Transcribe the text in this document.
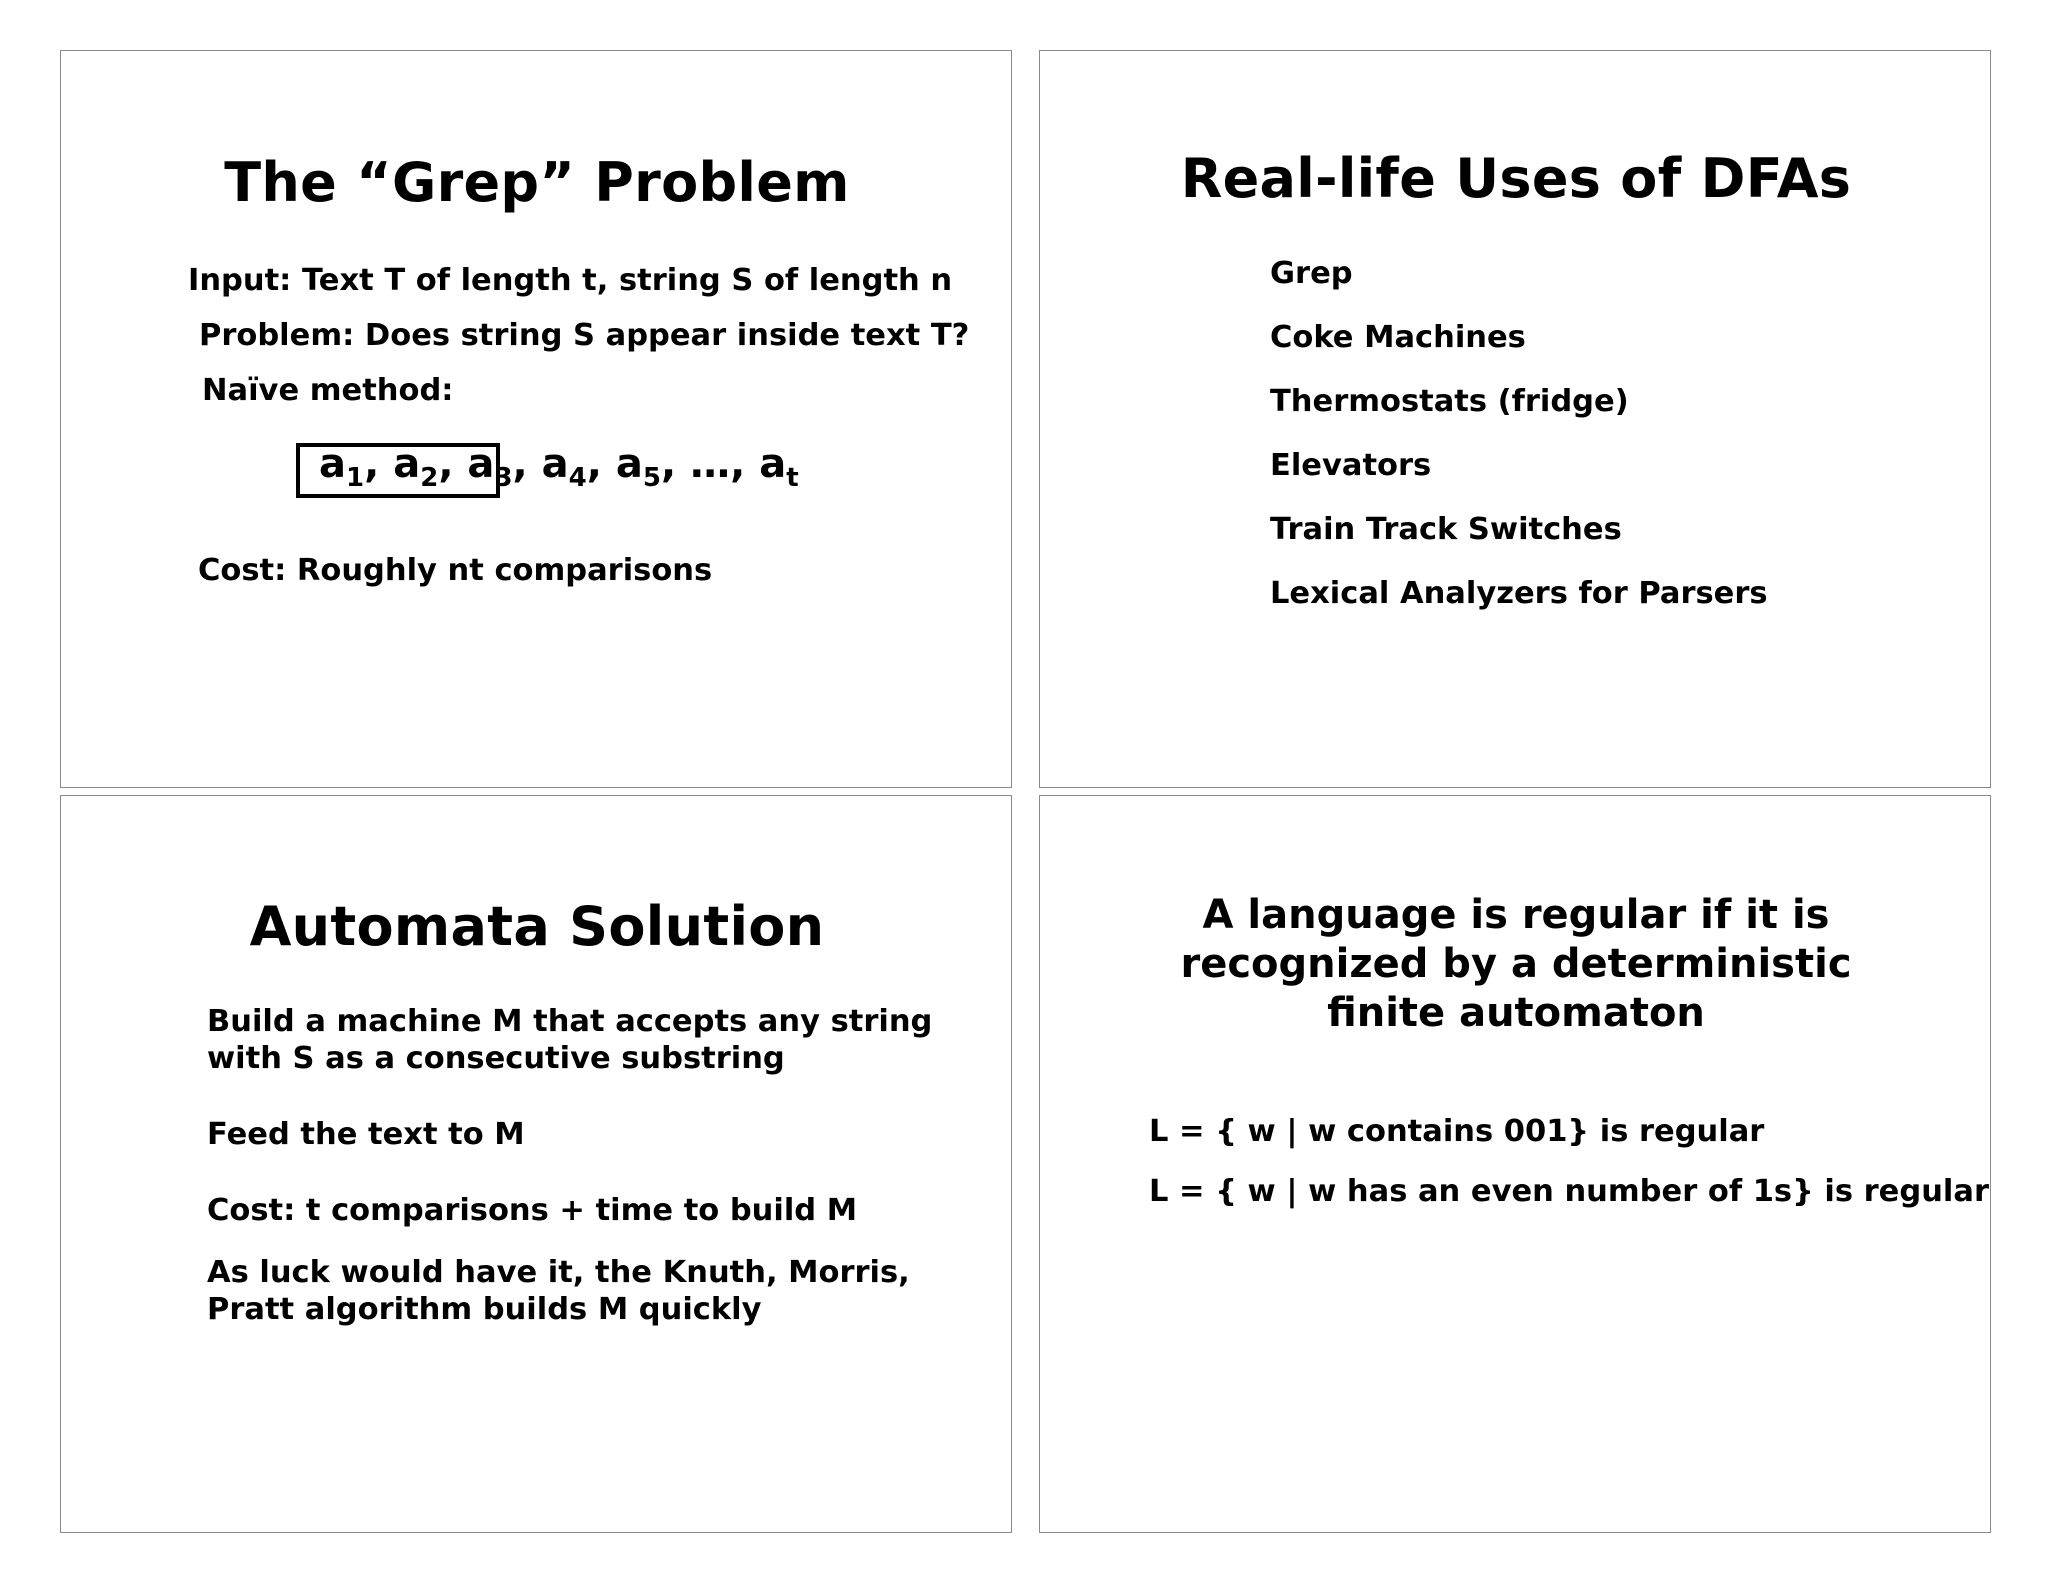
The “Grep” Problem
Input: Text T of length t, string S of length n
Problem: Does string S appear inside text T?
Naïve method:
$a_1$, $a_2$, $a_3$, $a_4$, $a_5$, …, $a_t$
Cost: Roughly nt comparisons
Real-life Uses of DFAs
Grep
Coke Machines
Thermostats (fridge)
Elevators
Train Track Switches
Lexical Analyzers for Parsers
Automata Solution
Build a machine M that accepts any string
with S as a consecutive substring
Feed the text to M
Cost: t comparisons + time to build M
As luck would have it, the Knuth, Morris,
Pratt algorithm builds M quickly
A language is regular if it is
recognized by a deterministic
finite automaton
L = { w | w contains 001} is regular
L = { w | w has an even number of 1s} is regular
